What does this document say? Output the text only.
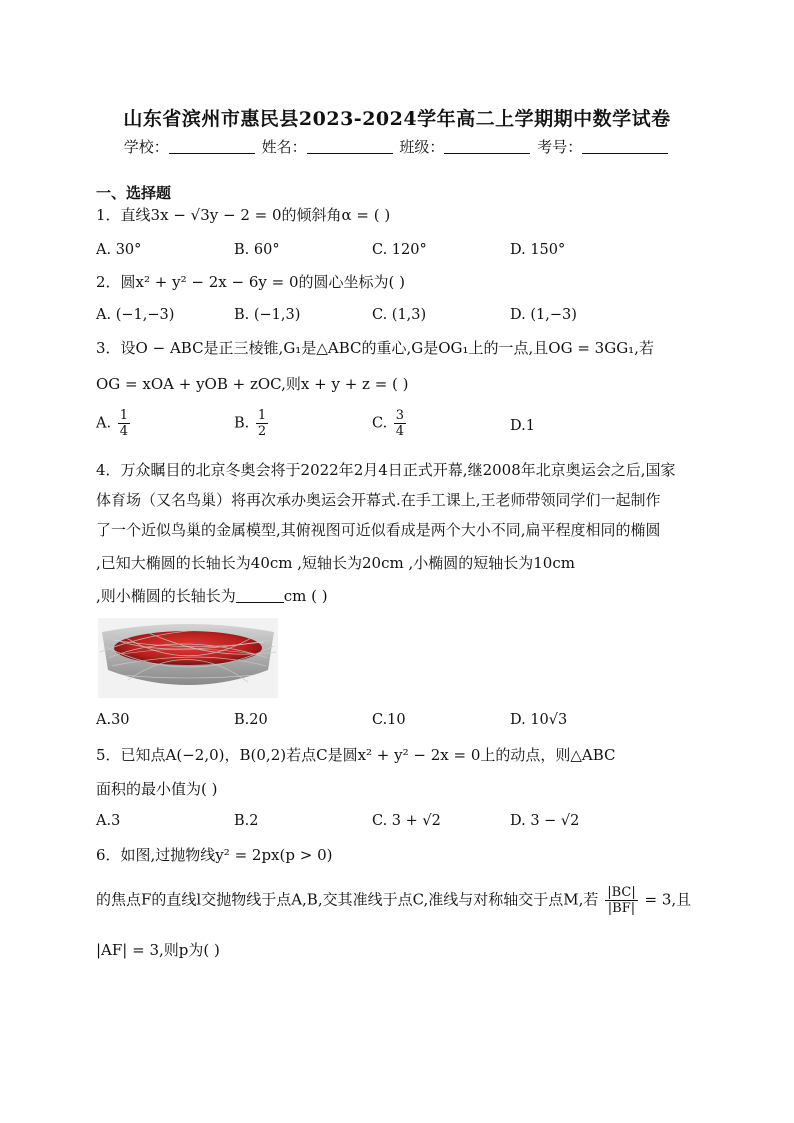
山东省滨州市惠民县2023-2024学年高二上学期期中数学试卷
学校：	姓名：	班级：	考号：
一、选择题
1．直线3x − √3y − 2 = 0的倾斜角α = ( )
A. 30°	B. 60°	C. 120°	D. 150°
2．圆x² + y² − 2x − 6y = 0的圆心坐标为( )
A. (−1,−3)	B. (−1,3)	C. (1,3)	D. (1,−3)
3．设O − ABC是正三棱锥,G₁是△ABC的重心,G是OG₁上的一点,且OG = 3GG₁,若
OG = xOA + yOB + zOC,则x + y + z = ( )
A. $\frac{1}{4}$	B. $\frac{1}{2}$	C. $\frac{3}{4}$	D.1
4．万众瞩目的北京冬奥会将于2022年2月4日正式开幕,继2008年北京奥运会之后,国家
体育场（又名鸟巢）将再次承办奥运会开幕式.在手工课上,王老师带领同学们一起制作
了一个近似鸟巢的金属模型,其俯视图可近似看成是两个大小不同,扁平程度相同的椭圆
,已知大椭圆的长轴长为40cm ,短轴长为20cm ,小椭圆的短轴长为10cm
,则小椭圆的长轴长为	cm ( )
A.30	B.20	C.10	D. 10√3
5．已知点A(−2,0)，B(0,2)若点C是圆x² + y² − 2x = 0上的动点，则△ABC
面积的最小值为( )
A.3	B.2	C. 3 + √2	D. 3 − √2
6．如图,过抛物线y² = 2px(p > 0)
的焦点F的直线l交抛物线于点A,B,交其准线于点C,准线与对称轴交于点M,若 $\frac{|BC|}{|BF|} = 3$,且
|AF| = 3,则p为( )
